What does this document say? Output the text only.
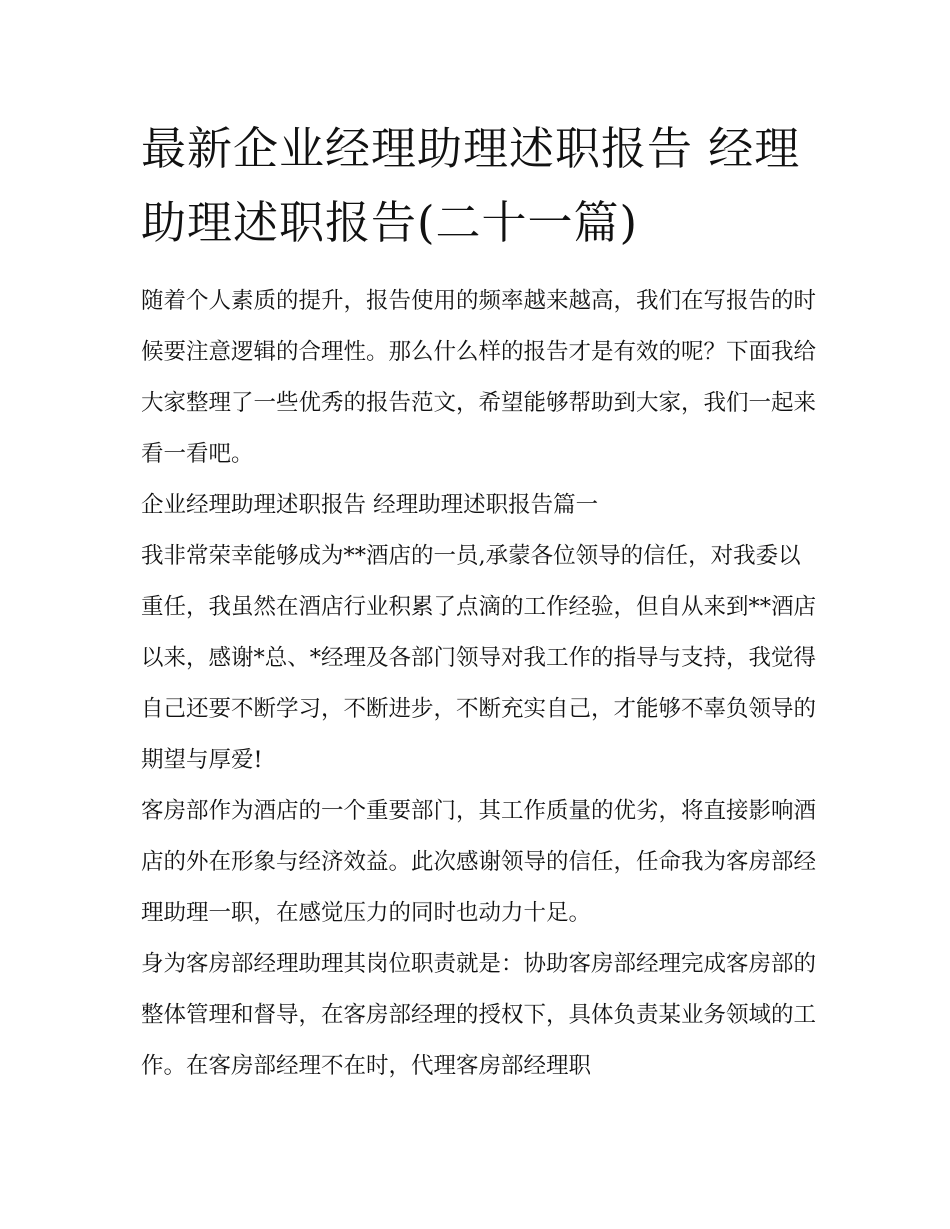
最新企业经理助理述职报告 经理助理述职报告(二十一篇)

随着个人素质的提升，报告使用的频率越来越高，我们在写报告的时候要注意逻辑的合理性。那么什么样的报告才是有效的呢？下面我给大家整理了一些优秀的报告范文，希望能够帮助到大家，我们一起来看一看吧。

企业经理助理述职报告 经理助理述职报告篇一

我非常荣幸能够成为**酒店的一员,承蒙各位领导的信任，对我委以重任，我虽然在酒店行业积累了点滴的工作经验，但自从来到**酒店以来，感谢*总、*经理及各部门领导对我工作的指导与支持，我觉得自己还要不断学习，不断进步，不断充实自己，才能够不辜负领导的期望与厚爱!

客房部作为酒店的一个重要部门，其工作质量的优劣，将直接影响酒店的外在形象与经济效益。此次感谢领导的信任，任命我为客房部经理助理一职，在感觉压力的同时也动力十足。

身为客房部经理助理其岗位职责就是：协助客房部经理完成客房部的整体管理和督导，在客房部经理的授权下，具体负责某业务领域的工作。在客房部经理不在时，代理客房部经理职
